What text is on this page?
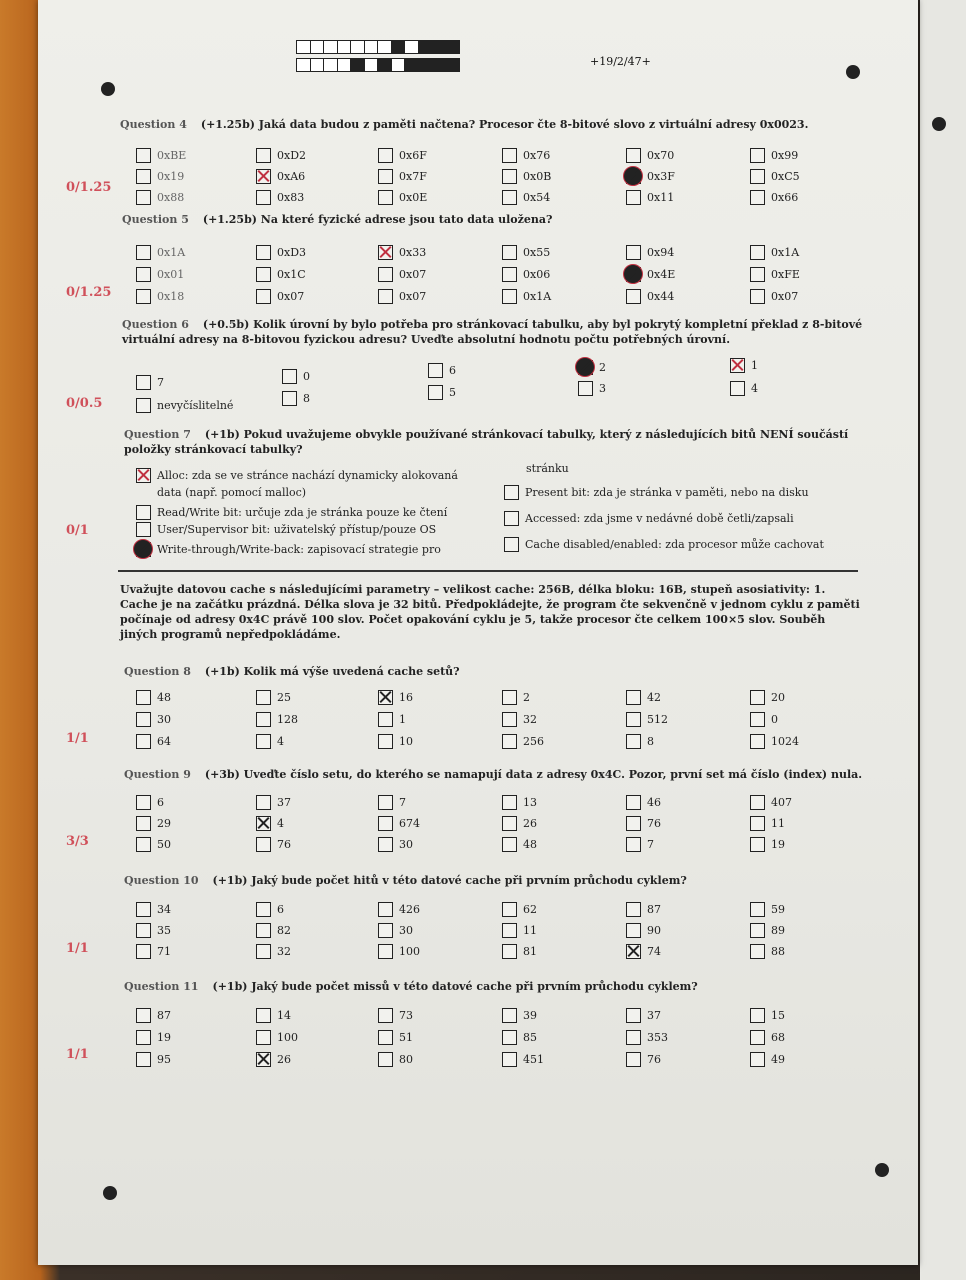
+19/2/47+
Question 4 (+1.25b) Jaká data budou z paměti načtena? Procesor čte 8-bitové slovo z virtuální adresy 0x0023.
0/1.25
0xBE
0x19
0x88
0xD2
0xA6
0x83
0x6F
0x7F
0x0E
0x76
0x0B
0x54
0x70
0x3F
0x11
0x99
0xC5
0x66
Question 5 (+1.25b) Na které fyzické adrese jsou tato data uložena?
0/1.25
0x1A
0x01
0x18
0xD3
0x1C
0x07
0x33
0x07
0x07
0x55
0x06
0x1A
0x94
0x4E
0x44
0x1A
0xFE
0x07
Question 6 (+0.5b) Kolik úrovní by bylo potřeba pro stránkovací tabulku, aby byl pokrytý kompletní překlad z 8-bitové
virtuální adresy na 8-bitovou fyzickou adresu? Uveďte absolutní hodnotu počtu potřebných úrovní.
0/0.5
7
nevyčíslitelné
0
8
6
5
2
3
1
4
Question 7 (+1b) Pokud uvažujeme obvykle používané stránkovací tabulky, který z následujících bitů NENÍ součástí
položky stránkovací tabulky?
0/1
Alloc: zda se ve stránce nachází dynamicky alokovaná
data (např. pomocí malloc)
Read/Write bit: určuje zda je stránka pouze ke čtení
User/Supervisor bit: uživatelský přístup/pouze OS
Write-through/Write-back: zapisovací strategie pro
stránku
Present bit: zda je stránka v paměti, nebo na disku
Accessed: zda jsme v nedávné době četli/zapsali
Cache disabled/enabled: zda procesor může cachovat
Uvažujte datovou cache s následujícími parametry – velikost cache: 256B, délka bloku: 16B, stupeň asosiativity: 1. Cache je na začátku prázdná. Délka slova je 32 bitů. Předpokládejte, že program čte sekvenčně v jednom cyklu z paměti počínaje od adresy 0x4C právě 100 slov. Počet opakování cyklu je 5, takže procesor čte celkem 100×5 slov. Souběh jiných programů nepředpokládáme.
Question 8 (+1b) Kolik má výše uvedená cache setů?
1/1
48
30
64
25
128
4
16
1
10
2
32
256
42
512
8
20
0
1024
Question 9 (+3b) Uveďte číslo setu, do kterého se namapují data z adresy 0x4C. Pozor, první set má číslo (index) nula.
3/3
6
29
50
37
4
76
7
674
30
13
26
48
46
76
7
407
11
19
Question 10 (+1b) Jaký bude počet hitů v této datové cache při prvním průchodu cyklem?
1/1
34
35
71
6
82
32
426
30
100
62
11
81
87
90
74
59
89
88
Question 11 (+1b) Jaký bude počet missů v této datové cache při prvním průchodu cyklem?
1/1
87
19
95
14
100
26
73
51
80
39
85
451
37
353
76
15
68
49
